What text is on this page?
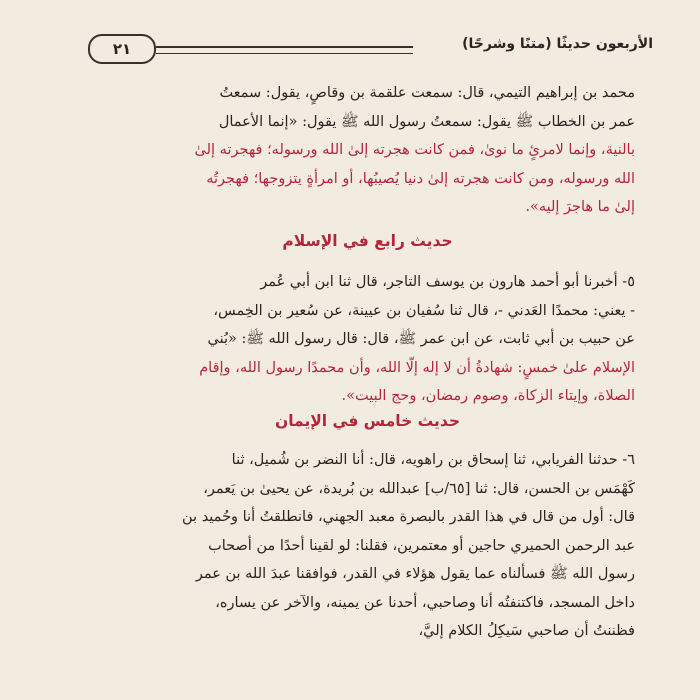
٢١	الأربعون حديثًا (متنًا وشرحًا)
محمد بن إبراهيم التيمي، قال: سمعت علقمة بن وقاصٍ، يقول: سمعتُ
عمر بن الخطاب ﷺ يقول: سمعتُ رسول الله ﷺ يقول: «إنما الأعمال
بالنية، وإنما لامرئٍ ما نوىٰ، فمن كانت هجرته إلىٰ الله ورسوله؛ فهجرته إلىٰ
الله ورسوله، ومن كانت هجرته إلىٰ دنيا يُصيبُها، أو امرأةٍ يتزوجها؛ فهجرتُه
إلىٰ ما هاجرَ إليه».
حديث رابع في الإسلام
٥- أخبرنا أبو أحمد هارون بن يوسف التاجر، قال ثنا ابن أبي عُمر
- يعني: محمدًا العَدني -، قال ثنا سُفيان بن عيينة، عن سُعير بن الخِمس،
عن حبيب بن أبي ثابت، عن ابن عمر ﷺ، قال: قال رسول الله ﷺ: «بُني
الإسلام علىٰ خمسٍ: شهادةُ أن لا إله إلّا الله، وأن محمدًا رسول الله، وإقام
الصلاة، وإيتاء الزكاة، وصوم رمضان، وحج البيت».
حديث خامس في الإيمان
٦- حدثنا الفريابي، ثنا إسحاق بن راهويه، قال: أنا النضر بن شُميل، ثنا
كَهْمَس بن الحسن، قال: ثنا [٦٥/ب] عبدالله بن بُريدة، عن يحيىٰ بن يَعمر،
قال: أول من قال في هذا القدر بالبصرة معبد الجهني، فانطلقتُ أنا وحُميد بن
عبد الرحمن الحميري حاجين أو معتمرين، فقلنا: لو لقينا أحدًا من أصحاب
رسول الله ﷺ فسألناه عما يقول هؤلاء في القدر، فوافقنا عبدَ الله بن عمر
داخل المسجد، فاكتنفتُه أنا وصاحبي، أحدنا عن يمينه، والآخر عن يساره،
فظننتُ أن صاحبي سَيكِلُ الكلام إليَّ،
